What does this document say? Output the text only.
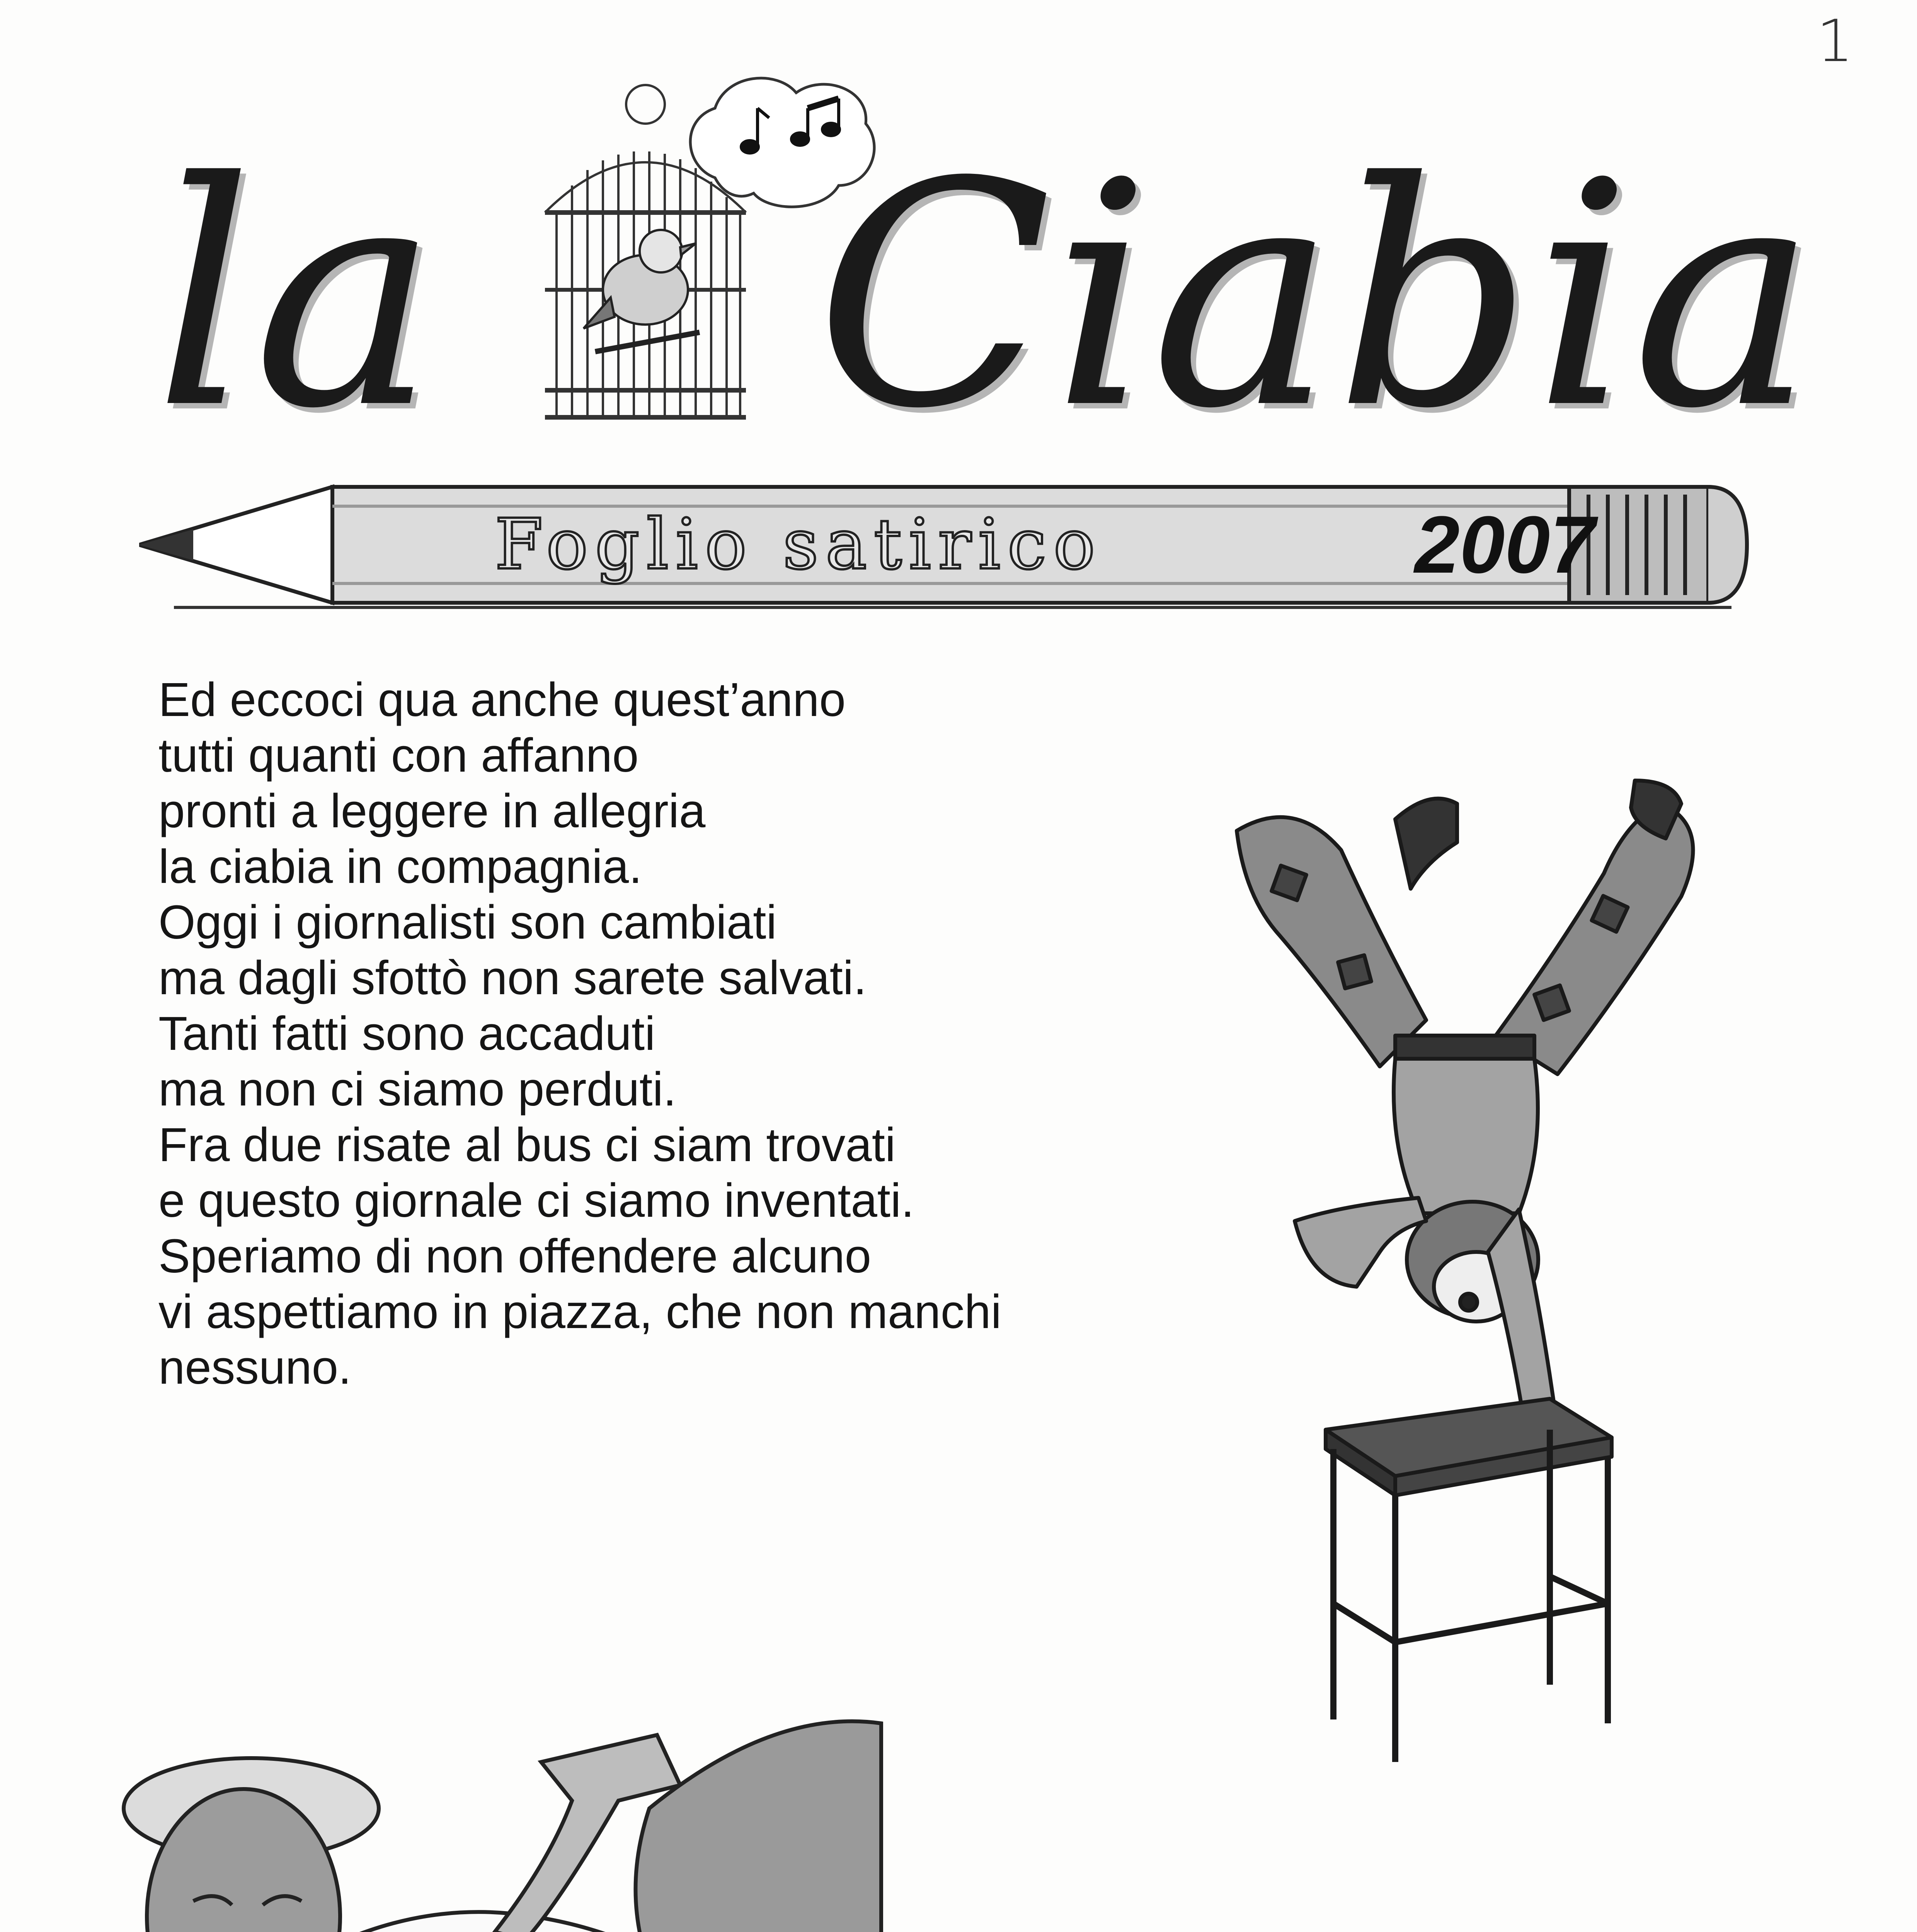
1
la Ciabia
Foglio satirico	2007
Ed eccoci qua anche quest’anno
tutti quanti con affanno
pronti a leggere in allegria
la ciabia in compagnia.
Oggi i giornalisti son cambiati
ma dagli sfottò non sarete salvati.
Tanti fatti sono accaduti
ma non ci siamo perduti.
Fra due risate al bus ci siam trovati
e questo giornale ci siamo inventati.
Speriamo di non offendere alcuno
vi aspettiamo in piazza, che non manchi
nessuno.
